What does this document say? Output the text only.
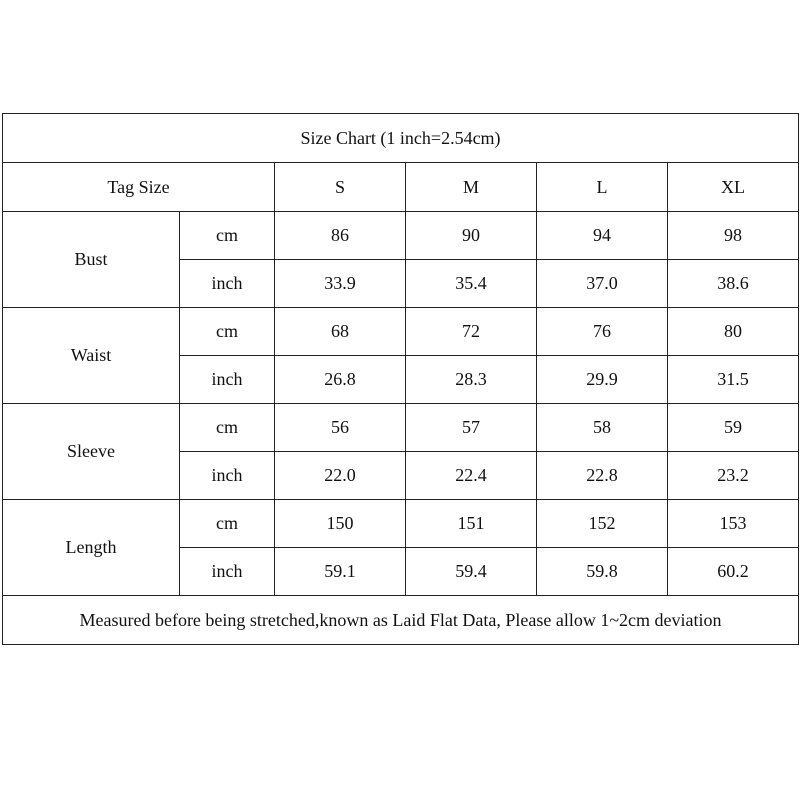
Size Chart (1 inch=2.54cm)					
Tag Size		S	M	L	XL
Bust	cm	86	90	94	98
	inch	33.9	35.4	37.0	38.6
Waist	cm	68	72	76	80
	inch	26.8	28.3	29.9	31.5
Sleeve	cm	56	57	58	59
	inch	22.0	22.4	22.8	23.2
Length	cm	150	151	152	153
	inch	59.1	59.4	59.8	60.2
Measured before being stretched,known as Laid Flat Data, Please allow 1~2cm deviation					
